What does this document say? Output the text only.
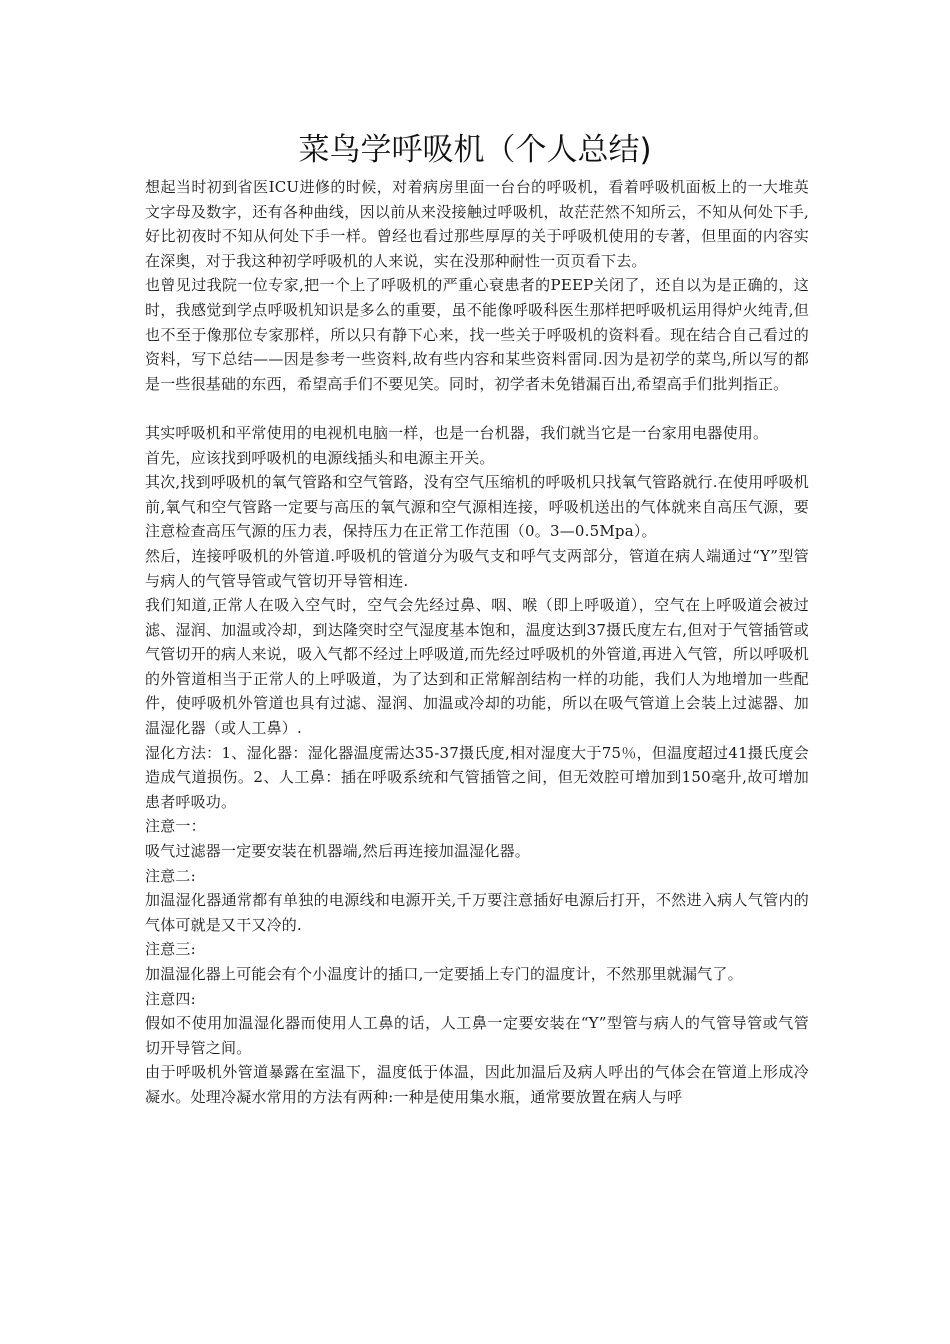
菜鸟学呼吸机（个人总结)

想起当时初到省医ICU进修的时候，对着病房里面一台台的呼吸机，看着呼吸机面板上的一大堆英文字母及数字，还有各种曲线，因以前从来没接触过呼吸机，故茫茫然不知所云，不知从何处下手,好比初夜时不知从何处下手一样。曾经也看过那些厚厚的关于呼吸机使用的专著，但里面的内容实在深奥，对于我这种初学呼吸机的人来说，实在没那种耐性一页页看下去。

也曾见过我院一位专家,把一个上了呼吸机的严重心衰患者的PEEP关闭了，还自以为是正确的，这时，我感觉到学点呼吸机知识是多么的重要，虽不能像呼吸科医生那样把呼吸机运用得炉火纯青,但也不至于像那位专家那样，所以只有静下心来，找一些关于呼吸机的资料看。现在结合自己看过的资料，写下总结——因是参考一些资料,故有些内容和某些资料雷同.因为是初学的菜鸟,所以写的都是一些很基础的东西，希望高手们不要见笑。同时，初学者未免错漏百出,希望高手们批判指正。

其实呼吸机和平常使用的电视机电脑一样，也是一台机器，我们就当它是一台家用电器使用。

首先，应该找到呼吸机的电源线插头和电源主开关。

其次,找到呼吸机的氧气管路和空气管路，没有空气压缩机的呼吸机只找氧气管路就行.在使用呼吸机前,氧气和空气管路一定要与高压的氧气源和空气源相连接，呼吸机送出的气体就来自高压气源，要注意检查高压气源的压力表，保持压力在正常工作范围（0。3—0.5Mpa）。

然后，连接呼吸机的外管道.呼吸机的管道分为吸气支和呼气支两部分，管道在病人端通过“Y”型管与病人的气管导管或气管切开导管相连.

我们知道,正常人在吸入空气时，空气会先经过鼻、咽、喉（即上呼吸道），空气在上呼吸道会被过滤、湿润、加温或冷却，到达隆突时空气湿度基本饱和，温度达到37摄氏度左右,但对于气管插管或气管切开的病人来说，吸入气都不经过上呼吸道,而先经过呼吸机的外管道,再进入气管，所以呼吸机的外管道相当于正常人的上呼吸道，为了达到和正常解剖结构一样的功能，我们人为地增加一些配件，使呼吸机外管道也具有过滤、湿润、加温或冷却的功能，所以在吸气管道上会装上过滤器、加温湿化器（或人工鼻）.

湿化方法：1、湿化器：湿化器温度需达35-37摄氏度,相对湿度大于75％，但温度超过41摄氏度会造成气道损伤。2、人工鼻：插在呼吸系统和气管插管之间，但无效腔可增加到150毫升,故可增加患者呼吸功。

注意一：

吸气过滤器一定要安装在机器端,然后再连接加温湿化器。

注意二:

加温湿化器通常都有单独的电源线和电源开关,千万要注意插好电源后打开，不然进入病人气管内的气体可就是又干又冷的.

注意三:

加温湿化器上可能会有个小温度计的插口,一定要插上专门的温度计，不然那里就漏气了。

注意四:

假如不使用加温湿化器而使用人工鼻的话，人工鼻一定要安装在“Y”型管与病人的气管导管或气管切开导管之间。

由于呼吸机外管道暴露在室温下，温度低于体温，因此加温后及病人呼出的气体会在管道上形成冷凝水。处理冷凝水常用的方法有两种:一种是使用集水瓶，通常要放置在病人与呼
